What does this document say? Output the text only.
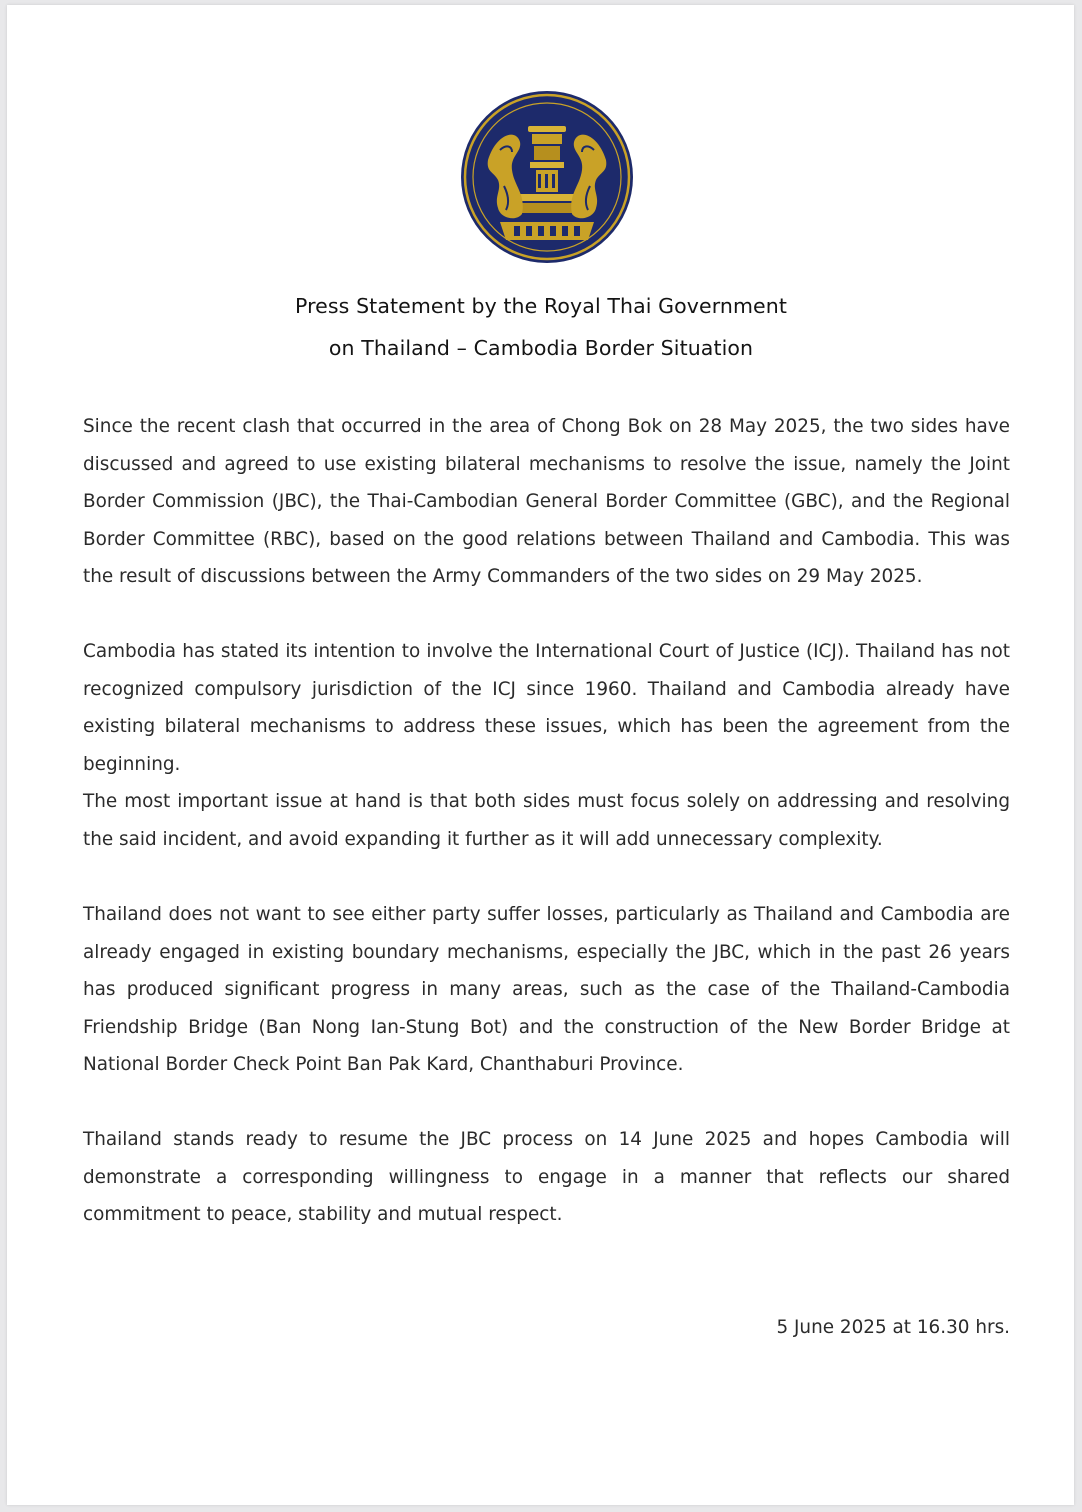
Press Statement by the Royal Thai Government
on Thailand – Cambodia Border Situation

Since the recent clash that occurred in the area of Chong Bok on 28 May 2025, the two sides have discussed and agreed to use existing bilateral mechanisms to resolve the issue, namely the Joint Border Commission (JBC), the Thai-Cambodian General Border Committee (GBC), and the Regional Border Committee (RBC), based on the good relations between Thailand and Cambodia. This was the result of discussions between the Army Commanders of the two sides on 29 May 2025.

Cambodia has stated its intention to involve the International Court of Justice (ICJ). Thailand has not recognized compulsory jurisdiction of the ICJ since 1960. Thailand and Cambodia already have existing bilateral mechanisms to address these issues, which has been the agreement from the beginning.

The most important issue at hand is that both sides must focus solely on addressing and resolving the said incident, and avoid expanding it further as it will add unnecessary complexity.

Thailand does not want to see either party suffer losses, particularly as Thailand and Cambodia are already engaged in existing boundary mechanisms, especially the JBC, which in the past 26 years has produced significant progress in many areas, such as the case of the Thailand-Cambodia Friendship Bridge (Ban Nong Ian-Stung Bot) and the construction of the New Border Bridge at National Border Check Point Ban Pak Kard, Chanthaburi Province.

Thailand stands ready to resume the JBC process on 14 June 2025 and hopes Cambodia will demonstrate a corresponding willingness to engage in a manner that reflects our shared commitment to peace, stability and mutual respect.

5 June 2025 at 16.30 hrs.
